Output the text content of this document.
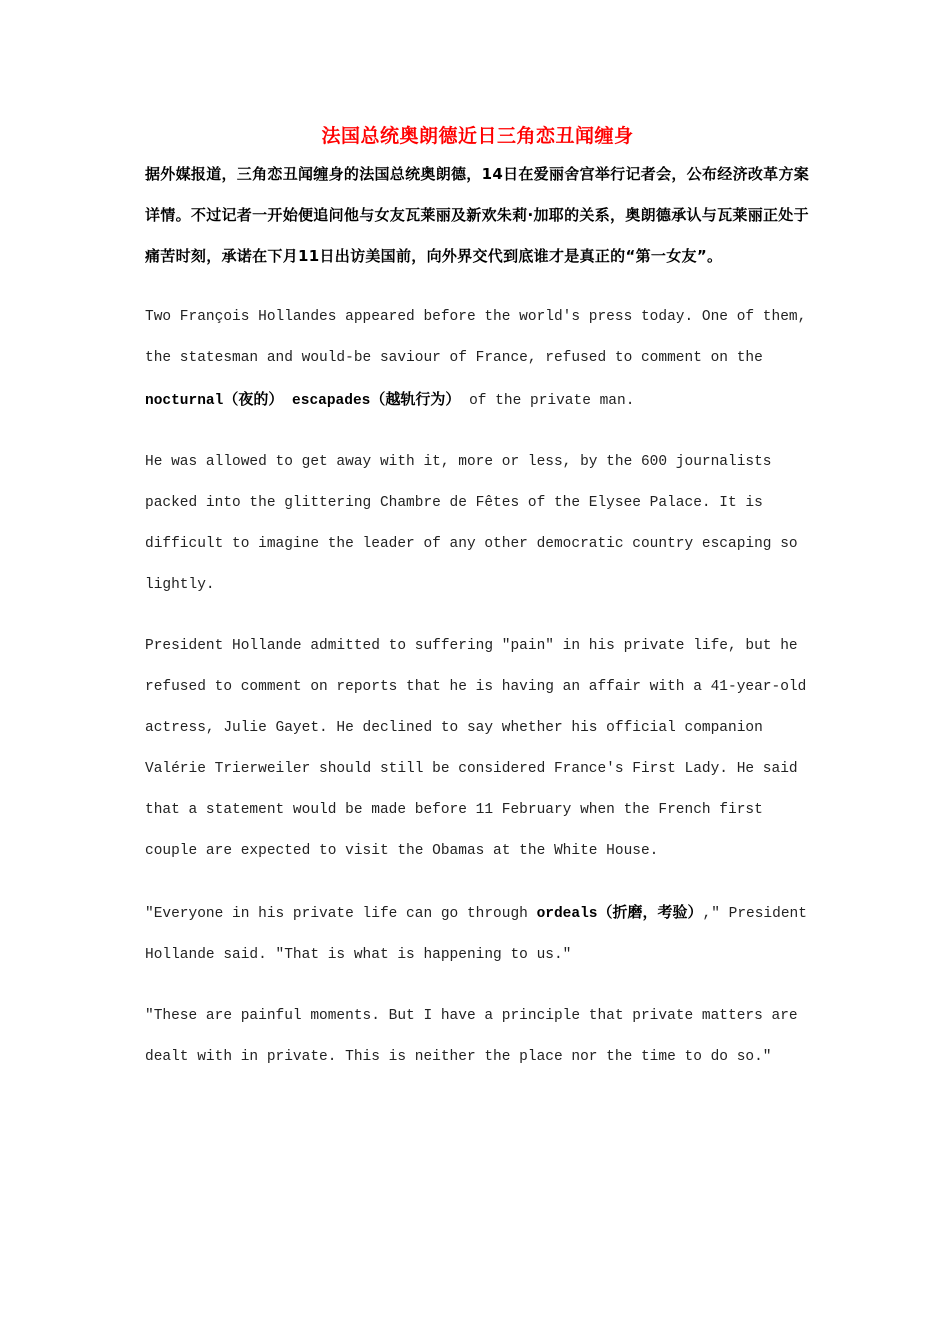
法国总统奥朗德近日三角恋丑闻缠身

据外媒报道，三角恋丑闻缠身的法国总统奥朗德，14日在爱丽舍宫举行记者会，公布经济改革方案详情。不过记者一开始便追问他与女友瓦莱丽及新欢朱莉·加耶的关系，奥朗德承认与瓦莱丽正处于痛苦时刻，承诺在下月11日出访美国前，向外界交代到底谁才是真正的“第一女友”。

Two François Hollandes appeared before the world's press today. One of them, the statesman and would-be saviour of France, refused to comment on the nocturnal（夜的） escapades（越轨行为） of the private man.

He was allowed to get away with it, more or less, by the 600 journalists packed into the glittering Chambre de Fêtes of the Elysee Palace. It is difficult to imagine the leader of any other democratic country escaping so lightly.

President Hollande admitted to suffering "pain" in his private life, but he refused to comment on reports that he is having an affair with a 41-year-old actress, Julie Gayet. He declined to say whether his official companion Valérie Trierweiler should still be considered France's First Lady. He said that a statement would be made before 11 February when the French first couple are expected to visit the Obamas at the White House.

"Everyone in his private life can go through ordeals（折磨，考验）," President Hollande said. "That is what is happening to us."

"These are painful moments. But I have a principle that private matters are dealt with in private. This is neither the place nor the time to do so."
